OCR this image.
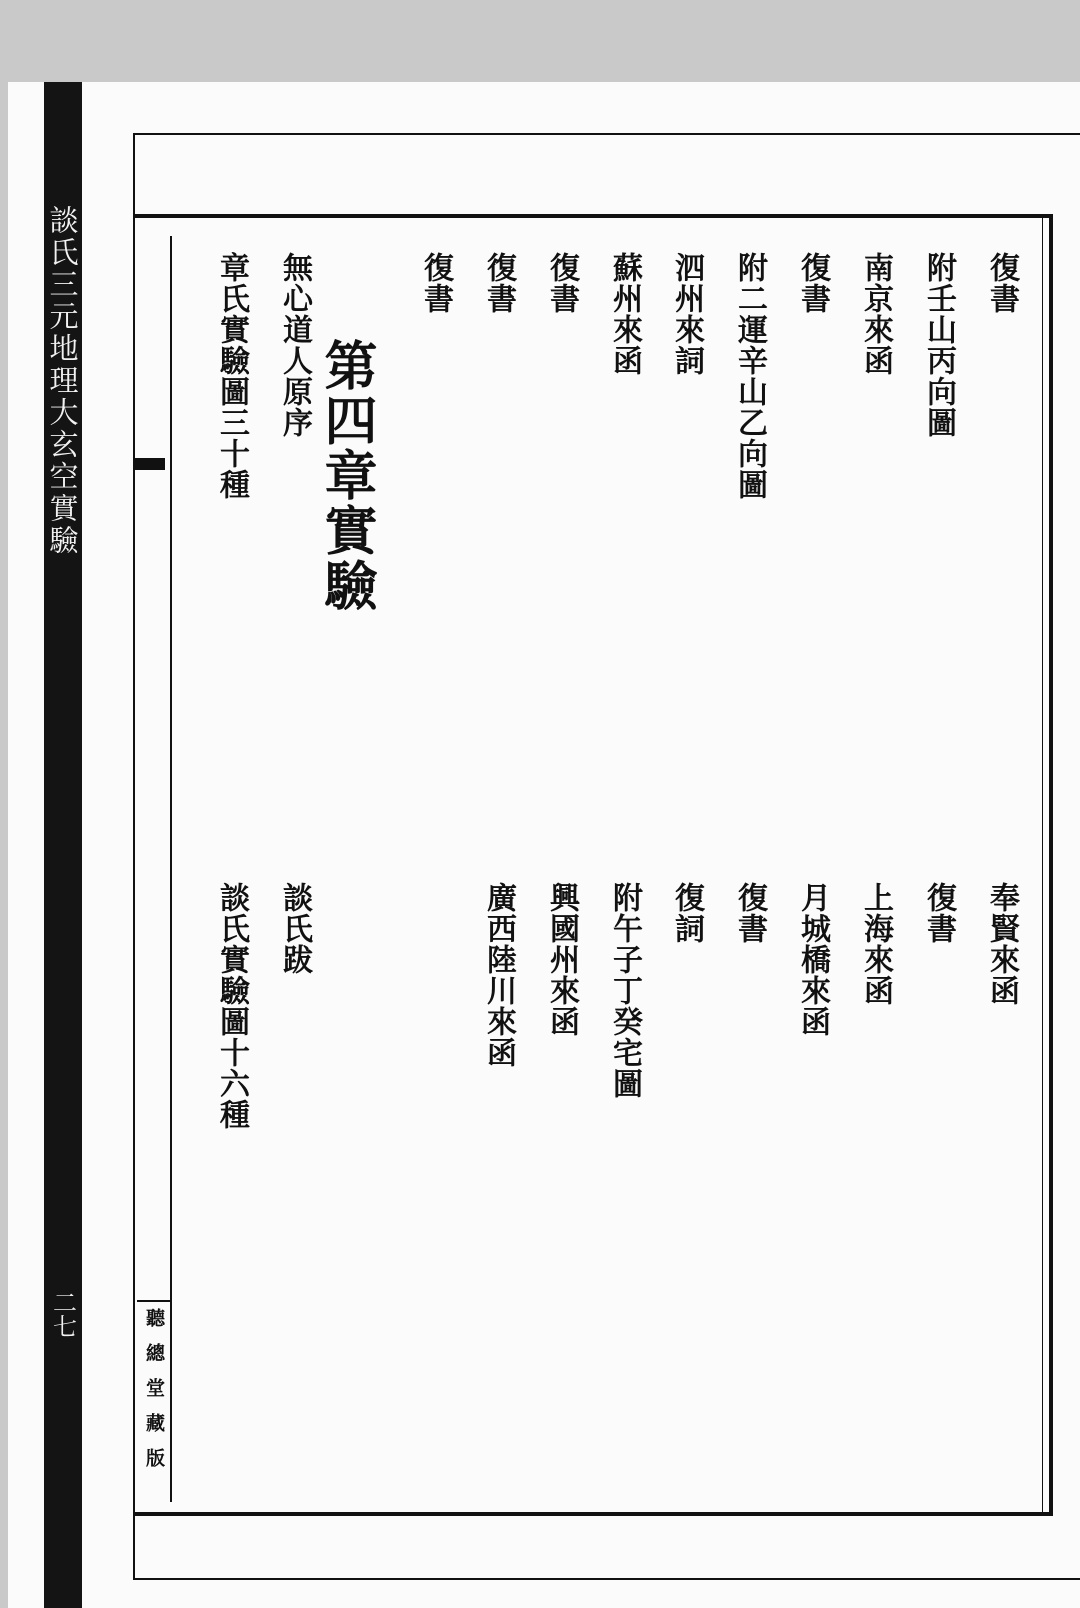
談氏三元地理大玄空實驗
二七
復書
附壬山丙向圖
南京來函
復書
附二運辛山乙向圖
泗州來詞
蘇州來函
復書
復書
復書
第四章實驗
無心道人原序
章氏實驗圖三十種
奉賢來函
復書
上海來函
月城橋來函
復書
復詞
附午子丁癸宅圖
興國州來函
廣西陸川來函
談氏跋
談氏實驗圖十六種
聽總堂藏版
